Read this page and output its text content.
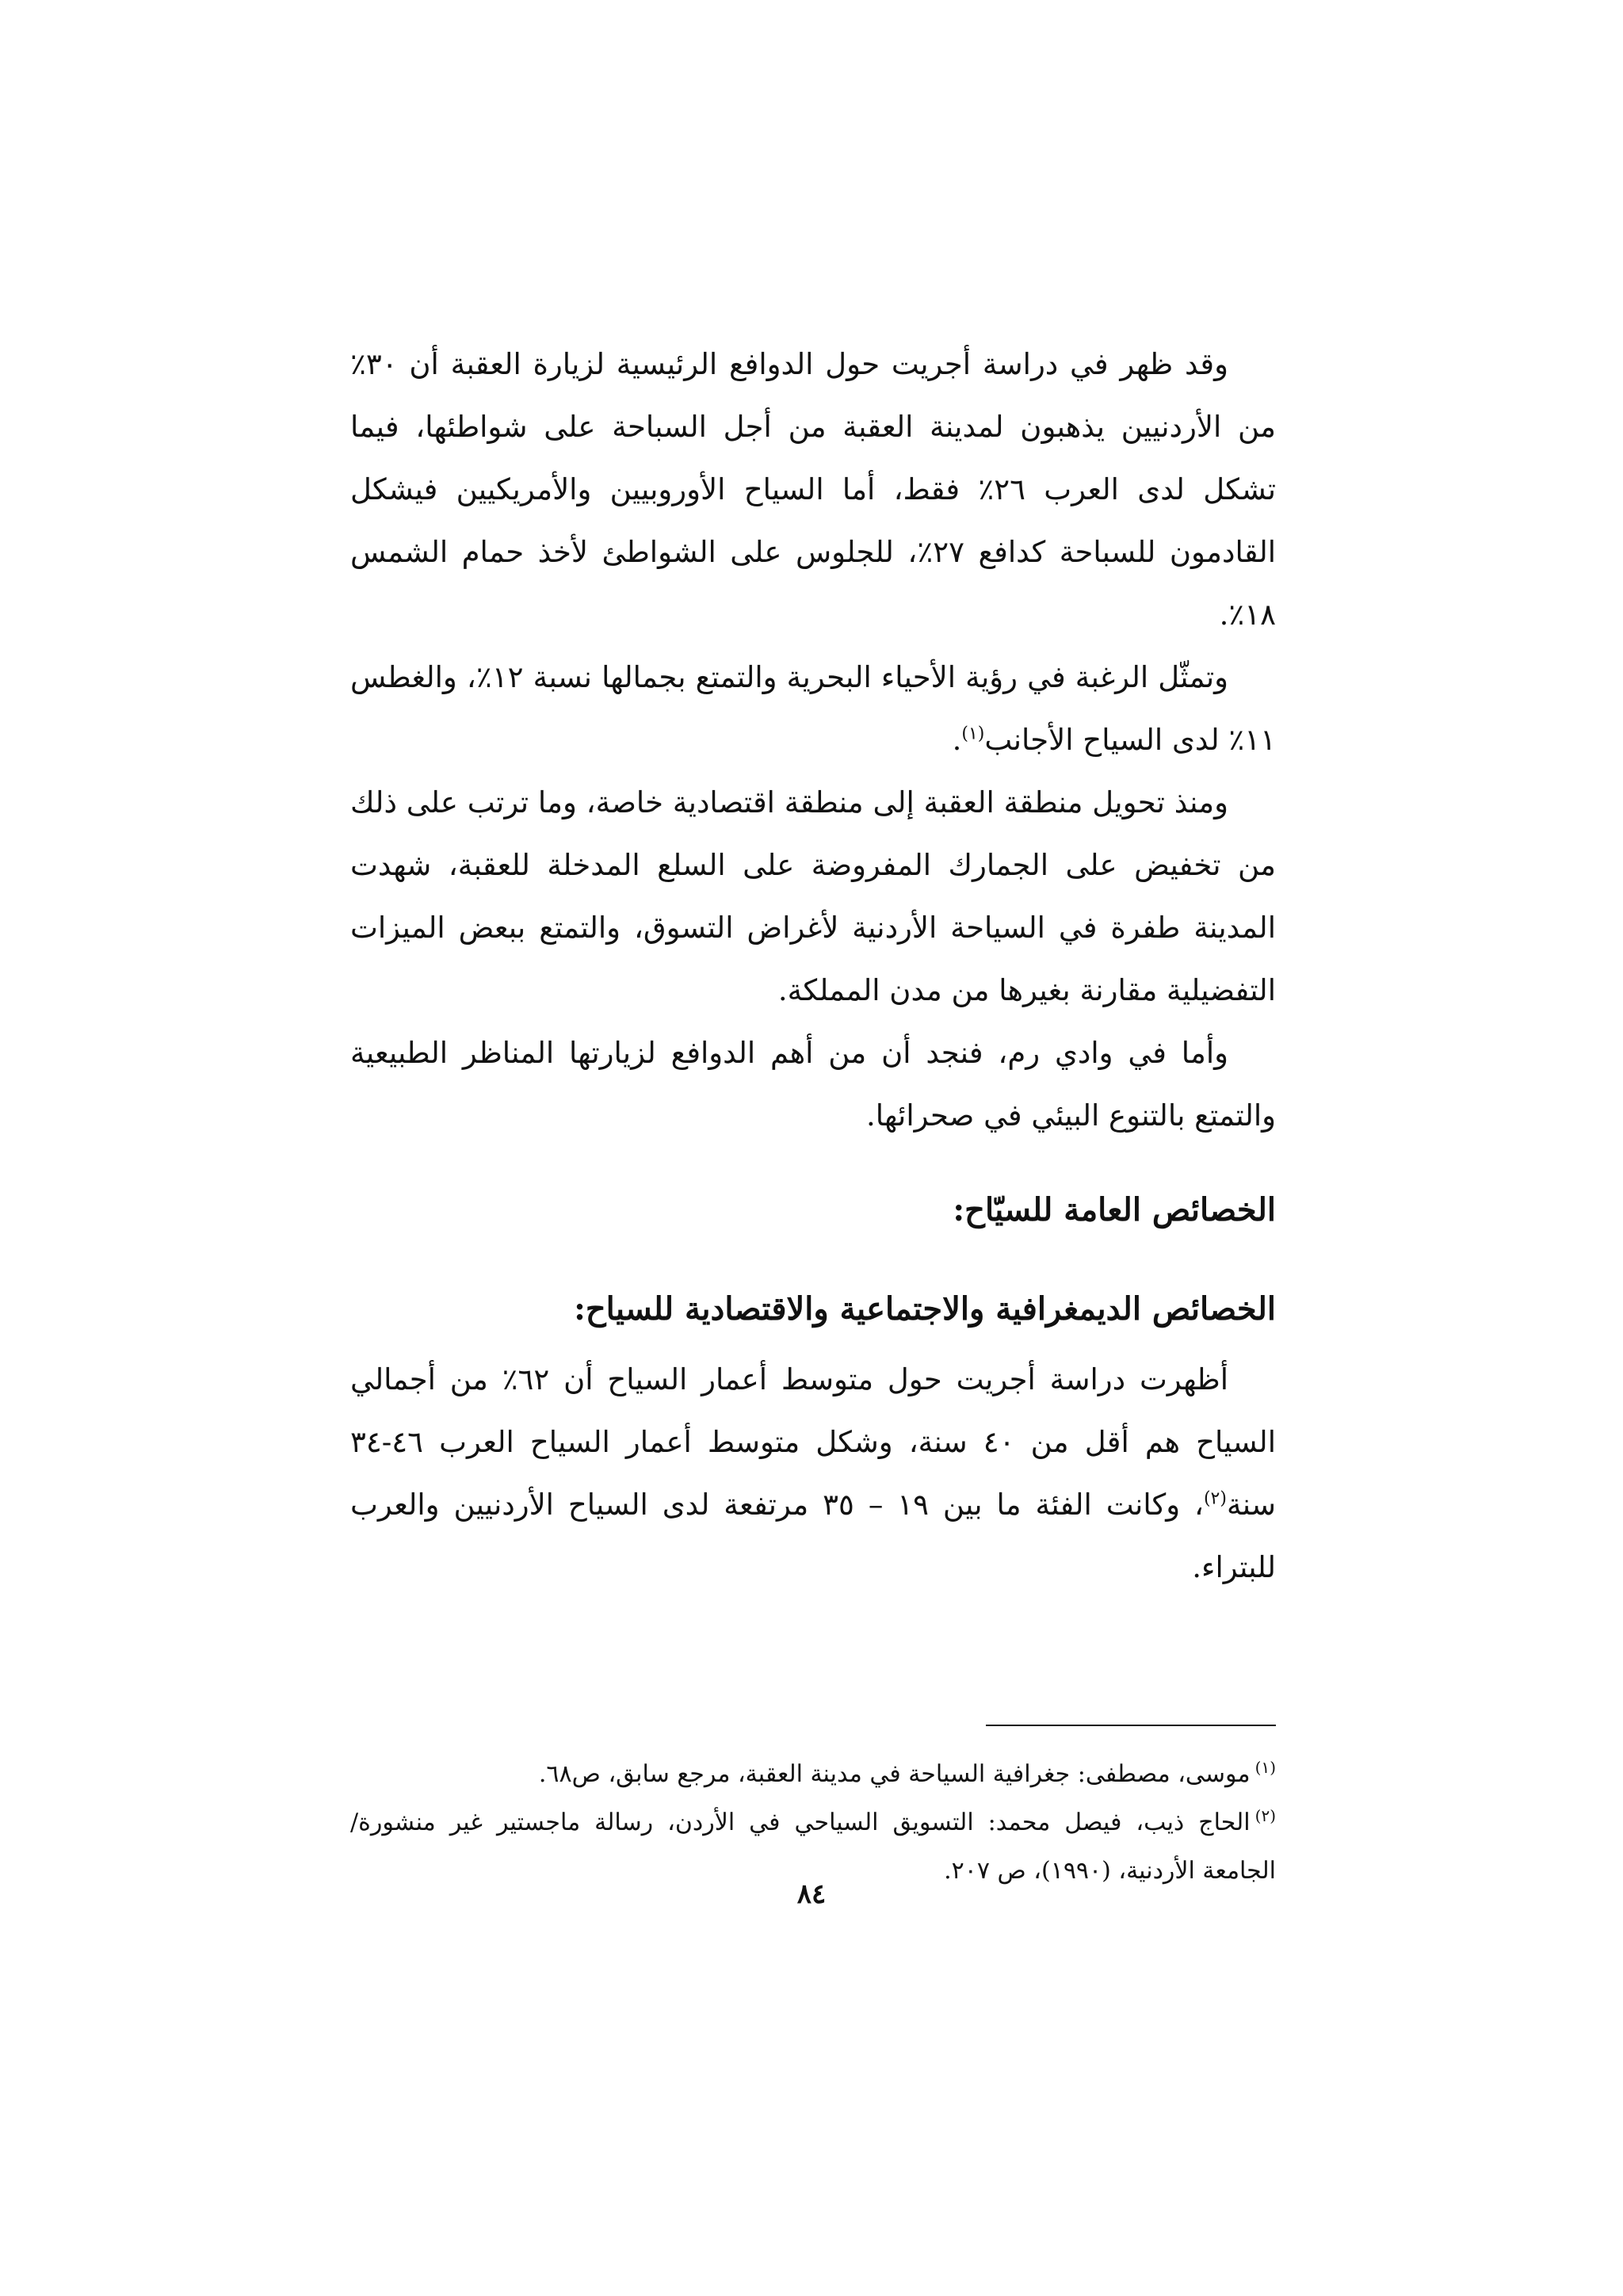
وقد ظهر في دراسة أجريت حول الدوافع الرئيسية لزيارة العقبة أن ٣٠٪ من الأردنيين يذهبون لمدينة العقبة من أجل السباحة على شواطئها، فيما تشكل لدى العرب ٢٦٪ فقط، أما السياح الأوروبيين والأمريكيين فيشكل القادمون للسباحة كدافع ٢٧٪، للجلوس على الشواطئ لأخذ حمام الشمس ١٨٪.

وتمثّل الرغبة في رؤية الأحياء البحرية والتمتع بجمالها نسبة ١٢٪، والغطس ١١٪ لدى السياح الأجانب$^{(١)}$.

ومنذ تحويل منطقة العقبة إلى منطقة اقتصادية خاصة، وما ترتب على ذلك من تخفيض على الجمارك المفروضة على السلع المدخلة للعقبة، شهدت المدينة طفرة في السياحة الأردنية لأغراض التسوق، والتمتع ببعض الميزات التفضيلية مقارنة بغيرها من مدن المملكة.

وأما في وادي رم، فنجد أن من أهم الدوافع لزيارتها المناظر الطبيعية والتمتع بالتنوع البيئي في صحرائها.

الخصائص العامة للسيّاح:
الخصائص الديمغرافية والاجتماعية والاقتصادية للسياح:

أظهرت دراسة أجريت حول متوسط أعمار السياح أن ٦٢٪ من أجمالي السياح هم أقل من ٤٠ سنة، وشكل متوسط أعمار السياح العرب ٤٦-٣٤ سنة$^{(٢)}$، وكانت الفئة ما بين ١٩ – ٣٥ مرتفعة لدى السياح الأردنيين والعرب للبتراء.

$^{(١)}$موسى، مصطفى: جغرافية السياحة في مدينة العقبة، مرجع سابق، ص٦٨.

$^{(٢)}$الحاج ذيب، فيصل محمد: التسويق السياحي في الأردن، رسالة ماجستير غير منشورة/ الجامعة الأردنية، (١٩٩٠)، ص ٢٠٧.

٨٤
